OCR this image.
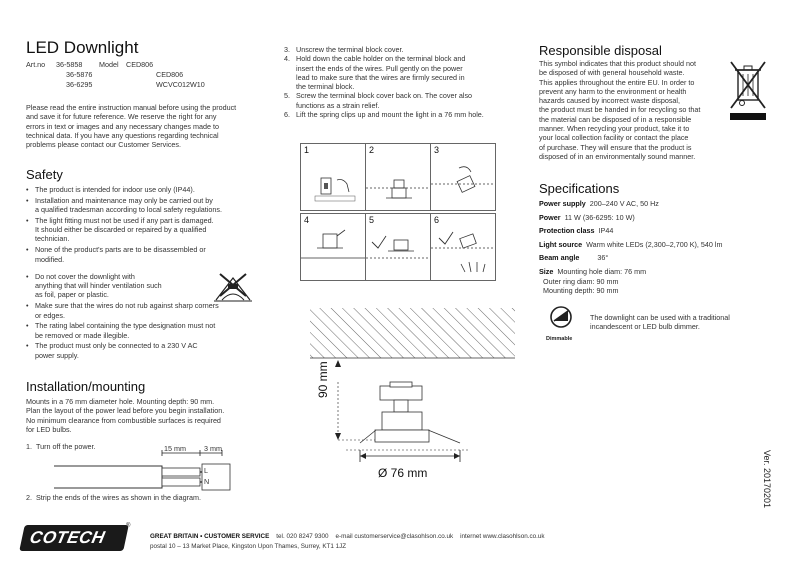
LED Downlight
Art.no 36-5858 Model CED806
36-5876	CED806
36-6295	WCVC012W10
Please read the entire instruction manual before using the product
and save it for future reference. We reserve the right for any
errors in text or images and any necessary changes made to
technical data. If you have any questions regarding technical
problems please contact our Customer Services.
Safety
• The product is intended for indoor use only (IP44).
• Installation and maintenance may only be carried out by
a qualified tradesman according to local safety regulations.
• The light fitting must not be used if any part is damaged.
It should either be discarded or repaired by a qualified
technician.
• None of the product's parts are to be disassembled or
modified.
• Do not cover the downlight with
anything that will hinder ventilation such
as foil, paper or plastic.
• Make sure that the wires do not rub against sharp corners
or edges.
• The rating label containing the type designation must not
be removed or made illegible.
• The product must only be connected to a 230 V AC
power supply.
Installation/mounting
Mounts in a 76 mm diameter hole. Mounting depth: 90 mm.
Plan the layout of the power lead before you begin installation.
No minimum clearance from combustible surfaces is required
for LED bulbs.
1.  Turn off the power.	15 mm	3 mm
L
N
2.  Strip the ends of the wires as shown in the diagram.
3. Unscrew the terminal block cover.
4. Hold down the cable holder on the terminal block and
insert the ends of the wires. Pull gently on the power
lead to make sure that the wires are firmly secured in
the terminal block.
5. Screw the terminal block cover back on. The cover also
functions as a strain relief.
6. Lift the spring clips up and mount the light in a 76 mm hole.
1	2	3
4	5	6
90 mm
Ø 76 mm
Responsible disposal
This symbol indicates that this product should not
be disposed of with general household waste.
This applies throughout the entire EU. In order to
prevent any harm to the environment or health
hazards caused by incorrect waste disposal,
the product must be handed in for recycling so that
the material can be disposed of in a responsible
manner. When recycling your product, take it to
your local collection facility or contact the place
of purchase. They will ensure that the product is
disposed of in an environmentally sound manner.
Specifications
Power supply 200–240 V AC, 50 Hz
Power 11 W (36-6295: 10 W)
Protection class IP44
Light source Warm white LEDs (2,300–2,700 K), 540 lm
Beam angle 36°
Size Mounting hole diam: 76 mm
Outer ring diam: 90 mm
Mounting depth: 90 mm
Dimmable
The downlight can be used with a traditional
incandescent or LED bulb dimmer.
Ver. 20170201
COTECH
®
GREAT BRITAIN • CUSTOMER SERVICE tel. 020 8247 9300 e-mail customerservice@clasohlson.co.uk internet www.clasohlson.co.uk
postal 10 – 13 Market Place, Kingston Upon Thames, Surrey, KT1 1JZ
